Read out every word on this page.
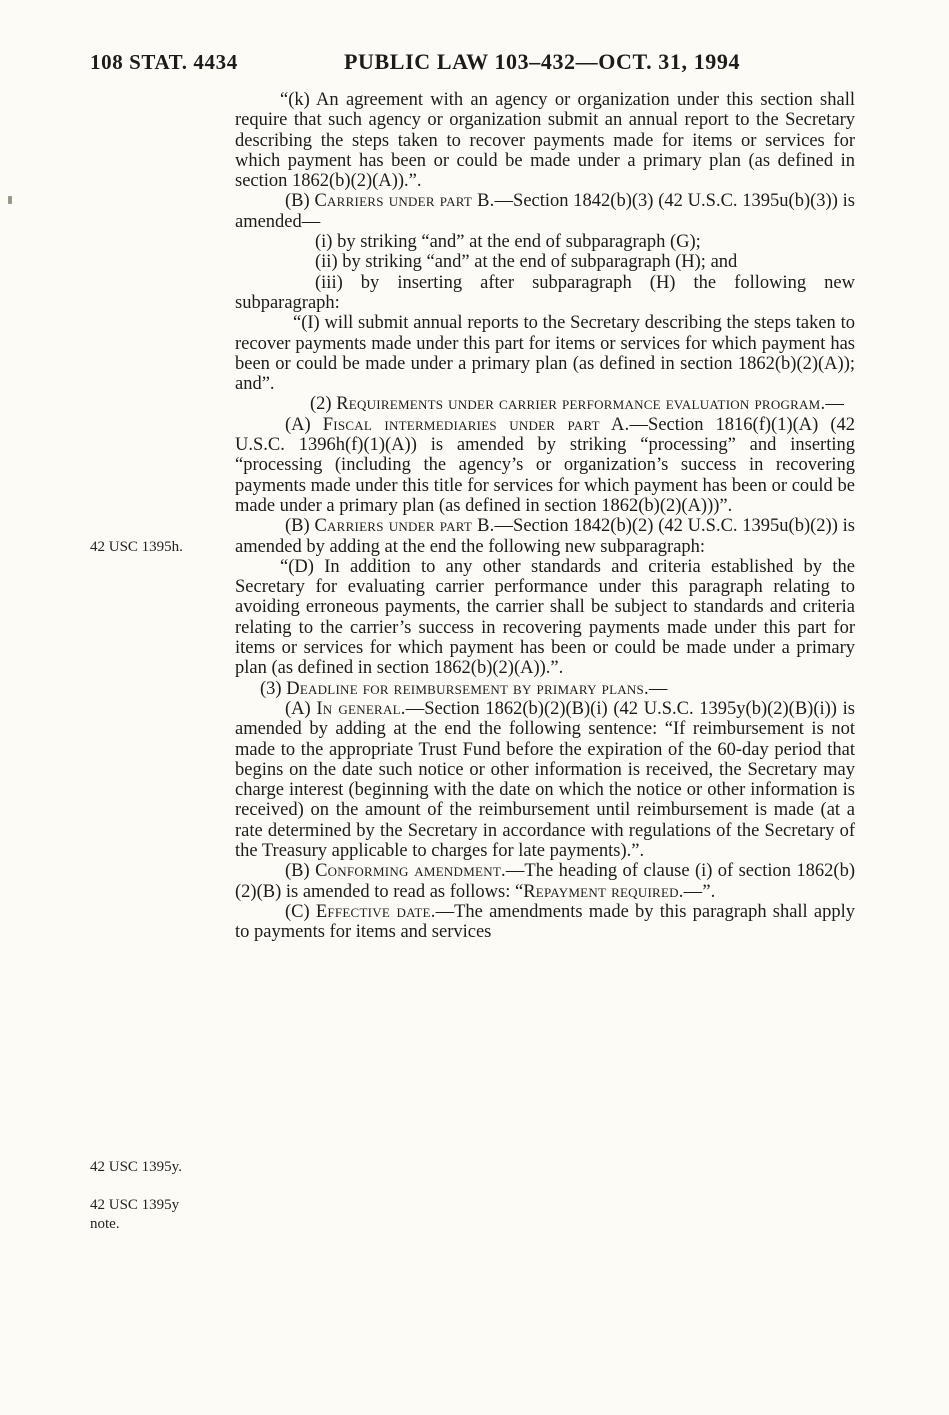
108 STAT. 4434	PUBLIC LAW 103–432—OCT. 31, 1994
42 USC 1395h.
42 USC 1395y.
42 USC 1395y note.

“(k) An agreement with an agency or organization under this section shall require that such agency or organization submit an annual report to the Secretary describing the steps taken to recover payments made for items or services for which payment has been or could be made under a primary plan (as defined in section 1862(b)(2)(A)).”.

(B) Carriers under part B.—Section 1842(b)(3) (42 U.S.C. 1395u(b)(3)) is amended—

(i) by striking “and” at the end of subparagraph (G);

(ii) by striking “and” at the end of subparagraph (H); and

(iii) by inserting after subparagraph (H) the following new subparagraph:

“(I) will submit annual reports to the Secretary describing the steps taken to recover payments made under this part for items or services for which payment has been or could be made under a primary plan (as defined in section 1862(b)(2)(A)); and”.

(2) Requirements under carrier performance evaluation program.—

(A) Fiscal intermediaries under part A.—Section 1816(f)(1)(A) (42 U.S.C. 1396h(f)(1)(A)) is amended by striking “processing” and inserting “processing (including the agency’s or organization’s success in recovering payments made under this title for services for which payment has been or could be made under a primary plan (as defined in section 1862(b)(2)(A)))”.

(B) Carriers under part B.—Section 1842(b)(2) (42 U.S.C. 1395u(b)(2)) is amended by adding at the end the following new subparagraph:

“(D) In addition to any other standards and criteria established by the Secretary for evaluating carrier performance under this paragraph relating to avoiding erroneous payments, the carrier shall be subject to standards and criteria relating to the carrier’s success in recovering payments made under this part for items or services for which payment has been or could be made under a primary plan (as defined in section 1862(b)(2)(A)).”.

(3) Deadline for reimbursement by primary plans.—

(A) In general.—Section 1862(b)(2)(B)(i) (42 U.S.C. 1395y(b)(2)(B)(i)) is amended by adding at the end the following sentence: “If reimbursement is not made to the appropriate Trust Fund before the expiration of the 60-day period that begins on the date such notice or other information is received, the Secretary may charge interest (beginning with the date on which the notice or other information is received) on the amount of the reimbursement until reimbursement is made (at a rate determined by the Secretary in accordance with regulations of the Secretary of the Treasury applicable to charges for late payments).”.

(B) Conforming amendment.—The heading of clause (i) of section 1862(b)(2)(B) is amended to read as follows: “Repayment required.—”.

(C) Effective date.—The amendments made by this paragraph shall apply to payments for items and services
